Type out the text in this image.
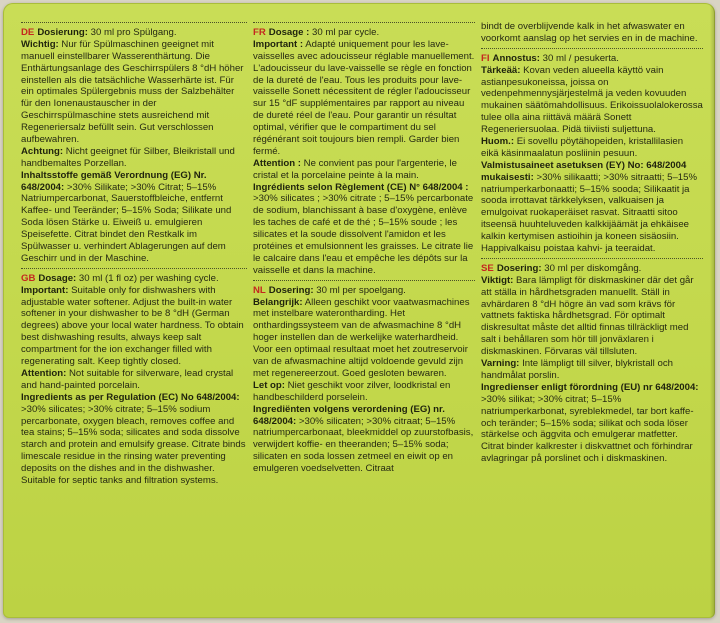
DE Dosierung: 30 ml pro Spülgang.

Wichtig: Nur für Spülmaschinen geeignet mit manuell einstellbarer Wasserenthärtung. Die Enthärtungsanlage des Geschirrspülers 8 °dH höher einstellen als die tatsächliche Wasserhärte ist. Für ein optimales Spülergebnis muss der Salzbehälter für den Ionenaustauscher in der Geschirrspülmaschine stets ausreichend mit Regeneriersalz befüllt sein. Gut verschlossen aufbewahren.

Achtung: Nicht geeignet für Silber, Bleikristall und handbemaltes Porzellan.

Inhaltsstoffe gemäß Verordnung (EG) Nr. 648/2004: >30% Silikate; >30% Citrat; 5–15% Natriumpercarbonat, Sauerstoffbleiche, entfernt Kaffee- und Teeränder; 5–15% Soda; Silikate und Soda lösen Stärke u. Eiweiß u. emulgieren Speisefette. Citrat bindet den Restkalk im Spülwasser u. verhindert Ablagerungen auf dem Geschirr und in der Maschine.

GB Dosage: 30 ml (1 fl oz) per washing cycle.

Important: Suitable only for dishwashers with adjustable water softener. Adjust the built-in water softener in your dishwasher to be 8 °dH (German degrees) above your local water hardness. To obtain best dishwashing results, always keep salt compartment for the ion exchanger filled with regenerating salt. Keep tightly closed.

Attention: Not suitable for silverware, lead crystal and hand-painted porcelain.

Ingredients as per Regulation (EC) No 648/2004: >30% silicates; >30% citrate; 5–15% sodium percarbonate, oxygen bleach, removes coffee and tea stains; 5–15% soda; silicates and soda dissolve starch and protein and emulsify grease. Citrate binds limescale residue in the rinsing water preventing deposits on the dishes and in the dishwasher. Suitable for septic tanks and filtration systems.

FR Dosage : 30 ml par cycle.

Important : Adapté uniquement pour les lave-vaisselles avec adoucisseur réglable manuellement. L'adoucisseur du lave-vaisselle se règle en fonction de la dureté de l'eau. Tous les produits pour lave-vaisselle Sonett nécessitent de régler l'adoucisseur sur 15 °dF supplémentaires par rapport au niveau de dureté réel de l'eau. Pour garantir un résultat optimal, vérifier que le compartiment du sel régénérant soit toujours bien rempli. Garder bien fermé.

Attention : Ne convient pas pour l'argenterie, le cristal et la porcelaine peinte à la main.

Ingrédients selon Règlement (CE) N° 648/2004 : >30% silicates ; >30% citrate ; 5–15% percarbonate de sodium, blanchissant à base d'oxygène, enlève les taches de café et de thé ; 5–15% soude ; les silicates et la soude dissolvent l'amidon et les protéines et emulsionnent les graisses. Le citrate lie le calcaire dans l'eau et empêche les dépôts sur la vaisselle et dans la machine.

NL Dosering: 30 ml per spoelgang.

Belangrijk: Alleen geschikt voor vaatwasmachines met instelbare waterontharding. Het onthardingssysteem van de afwasmachine 8 °dH hoger instellen dan de werkelijke waterhardheid. Voor een optimaal resultaat moet het zoutreservoir van de afwasmachine altijd voldoende gevuld zijn met regenereerzout. Goed gesloten bewaren.

Let op: Niet geschikt voor zilver, loodkristal en handbeschilderd porselein.

Ingrediënten volgens verordening (EG) nr. 648/2004: >30% silicaten; >30% citraat; 5–15% natriumpercarbonaat, bleekmiddel op zuurstofbasis, verwijdert koffie- en theeranden; 5–15% soda; silicaten en soda lossen zetmeel en eiwit op en emulgeren voedselvetten. Citraat

bindt de overblijvende kalk in het afwaswater en voorkomt aanslag op het servies en in de machine.

FI Annostus: 30 ml / pesukerta.

Tärkeää: Kovan veden alueella käyttö vain astianpesukoneissa, joissa on vedenpehmennysjärjestelmä ja veden kovuuden mukainen säätömahdollisuus. Erikoissuolalokerossa tulee olla aina riittävä määrä Sonett Regeneriersuolaa. Pidä tiiviisti suljettuna.

Huom.: Ei sovellu pöytähopeiden, kristallilasien eikä käsinmaalatun posliinin pesuun.

Valmistusaineet asetuksen (EY) No: 648/2004 mukaisesti: >30% silikaatti; >30% sitraatti; 5–15% natriumperkarbonaatti; 5–15% sooda; Silikaatit ja sooda irrottavat tärkkelyksen, valkuaisen ja emulgoivat ruokaperäiset rasvat. Sitraatti sitoo itseensä huuhteluveden kalkkijäämät ja ehkäisee kalkin kertymisen astioihin ja koneen sisäosiin. Happivalkaisu poistaa kahvi- ja teeraidat.

SE Dosering: 30 ml per diskomgång.

Viktigt: Bara lämpligt för diskmaskiner där det går att ställa in hårdhetsgraden manuellt. Ställ in avhärdaren 8 °dH högre än vad som krävs för vattnets faktiska hårdhetsgrad. För optimalt diskresultat måste det alltid finnas tillräckligt med salt i behållaren som hör till jonväxlaren i diskmaskinen. Förvaras väl tillsluten.

Varning: Inte lämpligt till silver, blykristall och handmålat porslin.

Ingredienser enligt förordning (EU) nr 648/2004: >30% silikat; >30% citrat; 5–15% natriumperkarbonat, syreblekmedel, tar bort kaffe- och teränder; 5–15% soda; silikat och soda löser stärkelse och äggvita och emulgerar matfetter. Citrat binder kalkrester i diskvattnet och förhindrar avlagringar på porslinet och i diskmaskinen.
